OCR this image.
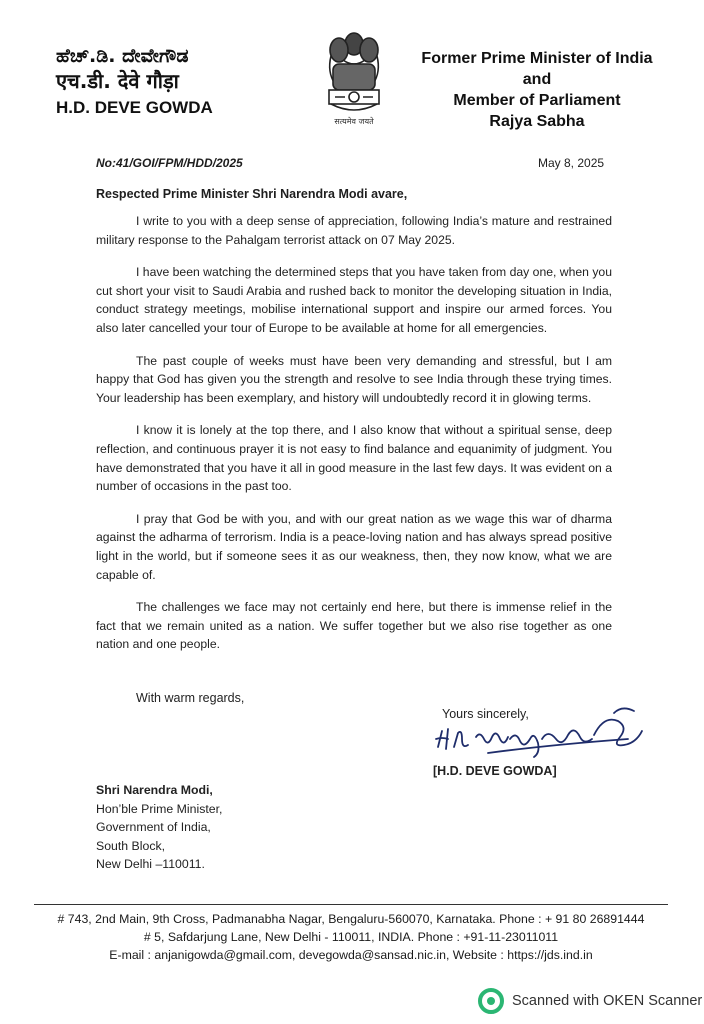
ಹೆಚ್.ಡಿ. ದೇವೇಗೌಡ
एच.डी. देवे गौड़ा
H.D. DEVE GOWDA
सत्यमेव जयते
Former Prime Minister of India
and
Member of Parliament
Rajya Sabha
No:41/GOI/FPM/HDD/2025	May 8, 2025
Respected Prime Minister Shri Narendra Modi avare,

I write to you with a deep sense of appreciation, following India’s mature and restrained military response to the Pahalgam terrorist attack on 07 May 2025.

I have been watching the determined steps that you have taken from day one, when you cut short your visit to Saudi Arabia and rushed back to monitor the developing situation in India, conduct strategy meetings, mobilise international support and inspire our armed forces. You also later cancelled your tour of Europe to be available at home for all emergencies.

The past couple of weeks must have been very demanding and stressful, but I am happy that God has given you the strength and resolve to see India through these trying times. Your leadership has been exemplary, and history will undoubtedly record it in glowing terms.

I know it is lonely at the top there, and I also know that without a spiritual sense, deep reflection, and continuous prayer it is not easy to find balance and equanimity of judgment. You have demonstrated that you have it all in good measure in the last few days. It was evident on a number of occasions in the past too.

I pray that God be with you, and with our great nation as we wage this war of dharma against the adharma of terrorism. India is a peace-loving nation and has always spread positive light in the world, but if someone sees it as our weakness, then, they now know, what we are capable of.

The challenges we face may not certainly end here, but there is immense relief in the fact that we remain united as a nation. We suffer together but we also rise together as one nation and one people.

With warm regards,
Yours sincerely,
[H.D. DEVE GOWDA]
Shri Narendra Modi,
Hon’ble Prime Minister,
Government of India,
South Block,
New Delhi –110011.
# 743, 2nd Main, 9th Cross, Padmanabha Nagar, Bengaluru-560070, Karnataka. Phone : + 91 80 26891444
# 5, Safdarjung Lane, New Delhi - 110011, INDIA. Phone : +91-11-23011011
E-mail : anjanigowda@gmail.com, devegowda@sansad.nic.in, Website : https://jds.ind.in
Scanned with OKEN Scanner
